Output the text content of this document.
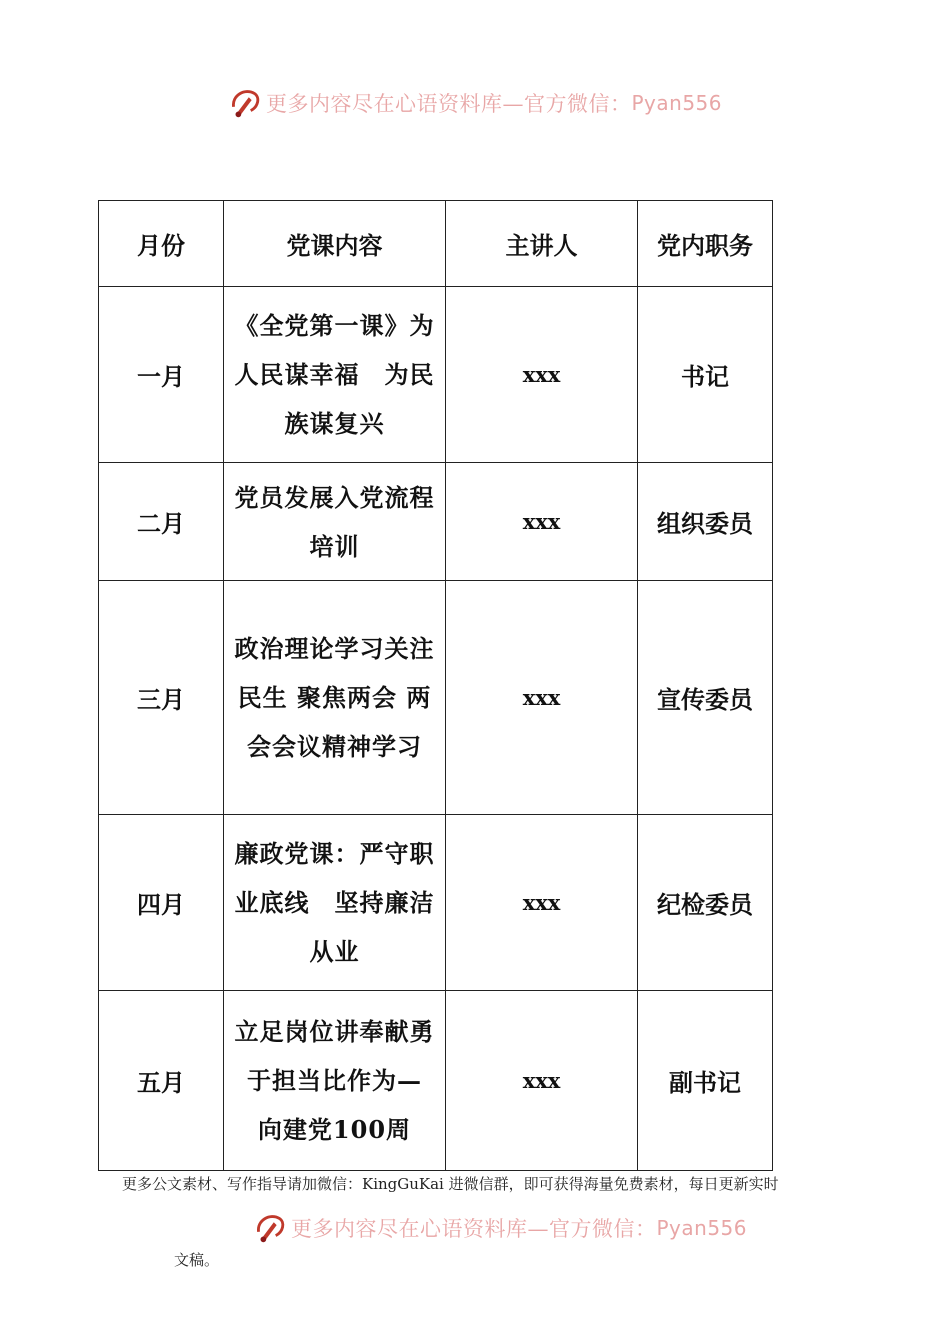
更多内容尽在心语资料库—官方微信： Pyan556
月份	党课内容	主讲人	党内职务
一月	《全党第一课》为人民谋幸福　为民族谋复兴	xxx	书记
二月	党员发展入党流程培训	xxx	组织委员
三月	政治理论学习关注民生 聚焦两会 两会会议精神学习	xxx	宣传委员
四月	廉政党课：严守职业底线　坚持廉洁从业	xxx	纪检委员
五月	立足岗位讲奉献勇于担当比作为— 向建党100周	xxx	副书记
更多公文素材、写作指导请加微信：KingGuKai 进微信群，即可获得海量免费素材，每日更新实时
更多内容尽在心语资料库—官方微信： Pyan556
文稿。
